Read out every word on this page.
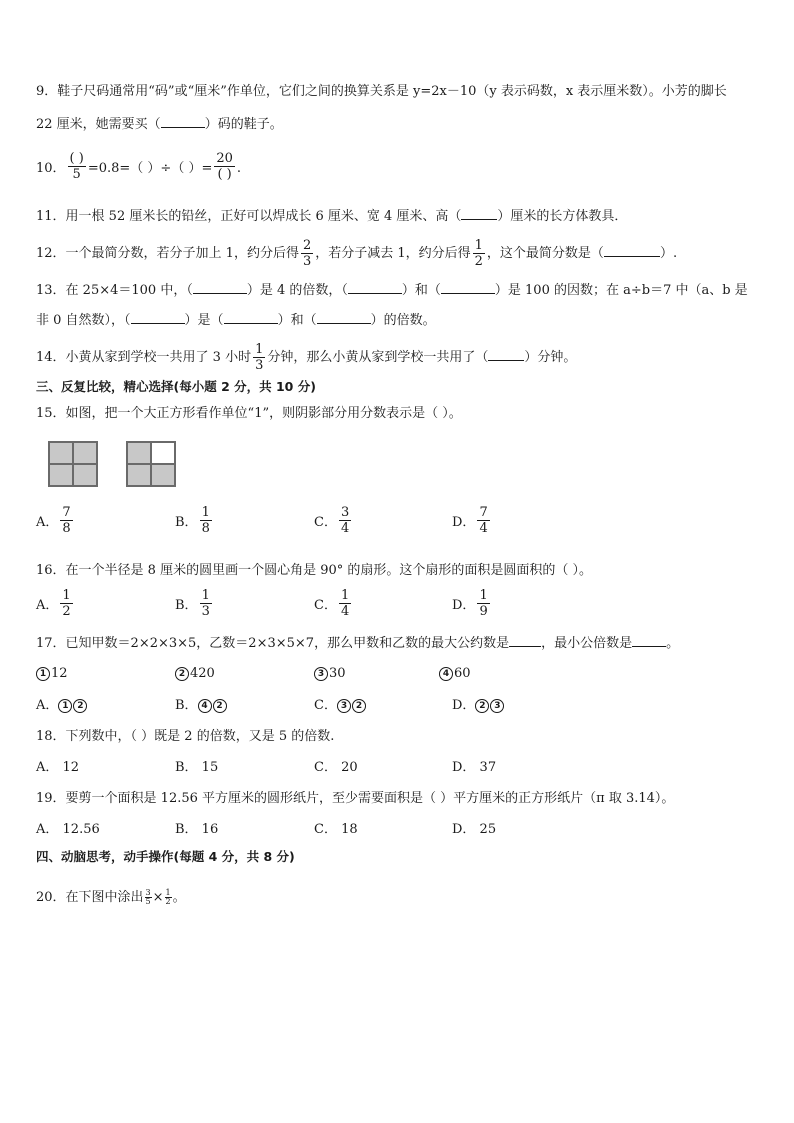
9．鞋子尺码通常用“码”或“厘米”作单位，它们之间的换算关系是 y=2x－10（y 表示码数，x 表示厘米数）。小芳的脚长
22 厘米，她需要买（	）码的鞋子。
10． $\frac{( )}{5} =0.8=$（ ）÷（ ）= $\frac{20}{( )}$ .
11．用一根 52 厘米长的铅丝，正好可以焊成长 6 厘米、宽 4 厘米、高（	）厘米的长方体教具．
12．一个最简分数，若分子加上 1，约分后得 $\frac{2}{3}$ ，若分子减去 1，约分后得 $\frac{1}{2}$ ，这个最简分数是（	）.
13．在 25×4＝100 中，（	）是 4 的倍数，（	）和（	）是 100 的因数；在 a÷b＝7 中（a、b 是
非 0 自然数），（	）是（	）和（	）的倍数。
14．小黄从家到学校一共用了 3 小时 $\frac{1}{3}$ 分钟，那么小黄从家到学校一共用了（	）分钟。
三、反复比较，精心选择(每小题 2 分，共 10 分)
15．如图，把一个大正方形看作单位“1”，则阴影部分用分数表示是（ ）。
A． $\frac{7}{8}$	B． $\frac{1}{8}$	C． $\frac{3}{4}$	D． $\frac{7}{4}$
16．在一个半径是 8 厘米的圆里画一个圆心角是 90° 的扇形。这个扇形的面积是圆面积的（ ）。
A． $\frac{1}{2}$	B． $\frac{1}{3}$	C． $\frac{1}{4}$	D． $\frac{1}{9}$
17．已知甲数＝2×2×3×5，乙数＝2×3×5×7，那么甲数和乙数的最大公约数是 ，最小公倍数是	。
1 12	2 420	3 30	4 60
A． 1 2	B． 4 2	C． 3 2	D． 2 3
18．下列数中，（ ）既是 2 的倍数，又是 5 的倍数.
A． 12	B． 15	C． 20	D． 37
19．要剪一个面积是 12.56 平方厘米的圆形纸片，至少需要面积是（ ）平方厘米的正方形纸片（π 取 3.14）。
A． 12.56	B． 16	C． 18	D． 25
四、动脑思考，动手操作(每题 4 分，共 8 分)
20．在下图中涂出 $\frac{3}{5} \times \frac{1}{2}$ 。
